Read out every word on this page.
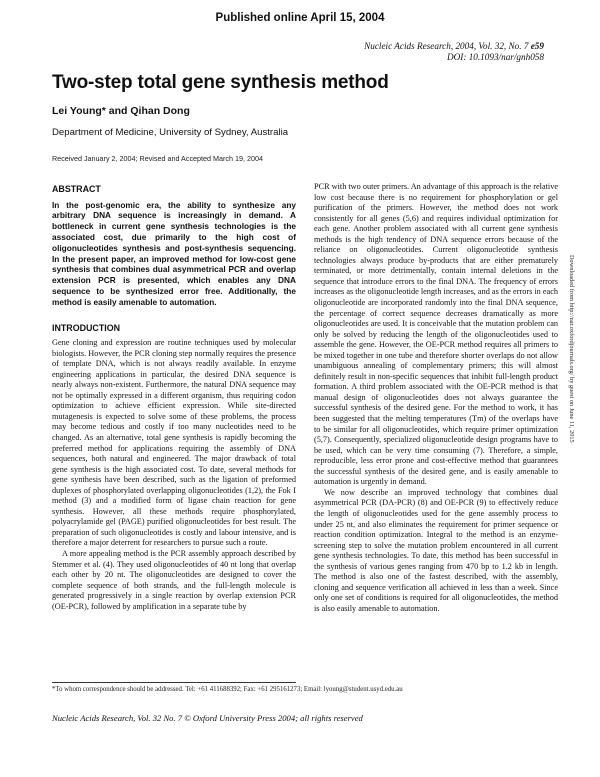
Published online April 15, 2004
Nucleic Acids Research, 2004, Vol. 32, No. 7 e59
DOI: 10.1093/nar/gnh058
Two-step total gene synthesis method
Lei Young* and Qihan Dong
Department of Medicine, University of Sydney, Australia
Received January 2, 2004; Revised and Accepted March 19, 2004
ABSTRACT

In the post-genomic era, the ability to synthesize any arbitrary DNA sequence is increasingly in demand. A bottleneck in current gene synthesis technologies is the associated cost, due primarily to the high cost of oligonucleotides synthesis and post-synthesis sequencing. In the present paper, an improved method for low-cost gene synthesis that combines dual asymmetrical PCR and overlap extension PCR is presented, which enables any DNA sequence to be synthesized error free. Additionally, the method is easily amenable to automation.

INTRODUCTION

Gene cloning and expression are routine techniques used by molecular biologists. However, the PCR cloning step normally requires the presence of template DNA, which is not always readily available. In enzyme engineering applications in particular, the desired DNA sequence is nearly always non-existent. Furthermore, the natural DNA sequence may not be optimally expressed in a different organism, thus requiring codon optimization to achieve efficient expression. While site-directed mutagenesis is expected to solve some of these problems, the process may become tedious and costly if too many nucleotides need to be changed. As an alternative, total gene synthesis is rapidly becoming the preferred method for applications requiring the assembly of DNA sequences, both natural and engineered. The major drawback of total gene synthesis is the high associated cost. To date, several methods for gene synthesis have been described, such as the ligation of preformed duplexes of phosphorylated overlapping oligonucleotides (1,2), the Fok I method (3) and a modified form of ligase chain reaction for gene synthesis. However, all these methods require phosphorylated, polyacrylamide gel (PAGE) purified oligonucleotides for best result. The preparation of such oligonucleotides is costly and labour intensive, and is therefore a major deterrent for researchers to pursue such a route.

A more appealing method is the PCR assembly approach described by Stemmer et al. (4). They used oligonucleotides of 40 nt long that overlap each other by 20 nt. The oligonucleotides are designed to cover the complete sequence of both strands, and the full-length molecule is generated progressively in a single reaction by overlap extension PCR (OE-PCR), followed by amplification in a separate tube by

PCR with two outer primers. An advantage of this approach is the relative low cost because there is no requirement for phosphorylation or gel purification of the primers. However, the method does not work consistently for all genes (5,6) and requires individual optimization for each gene. Another problem associated with all current gene synthesis methods is the high tendency of DNA sequence errors because of the reliance on oligonucleotides. Current oligonucleotide synthesis technologies always produce by-products that are either prematurely terminated, or more detrimentally, contain internal deletions in the sequence that introduce errors to the final DNA. The frequency of errors increases as the oligonucleotide length increases, and as the errors in each oligonucleotide are incorporated randomly into the final DNA sequence, the percentage of correct sequence decreases dramatically as more oligonucleotides are used. It is conceivable that the mutation problem can only be solved by reducing the length of the oligonucleotides used to assemble the gene. However, the OE-PCR method requires all primers to be mixed together in one tube and therefore shorter overlaps do not allow unambiguous annealing of complementary primers; this will almost definitely result in non-specific sequences that inhibit full-length product formation. A third problem associated with the OE-PCR method is that manual design of oligonucleotides does not always guarantee the successful synthesis of the desired gene. For the method to work, it has been suggested that the melting temperatures (Tm) of the overlaps have to be similar for all oligonucleotides, which require primer optimization (5,7). Consequently, specialized oligonucleotide design programs have to be used, which can be very time consuming (7). Therefore, a simple, reproducible, less error prone and cost-effective method that guarantees the successful synthesis of the desired gene, and is easily amenable to automation is urgently in demand.

We now describe an improved technology that combines dual asymmetrical PCR (DA-PCR) (8) and OE-PCR (9) to effectively reduce the length of oligonucleotides used for the gene assembly process to under 25 nt, and also eliminates the requirement for primer sequence or reaction condition optimization. Integral to the method is an enzyme-screening step to solve the mutation problem encountered in all current gene synthesis technologies. To date, this method has been successful in the synthesis of various genes ranging from 470 bp to 1.2 kb in length. The method is also one of the fastest described, with the assembly, cloning and sequence verification all achieved in less than a week. Since only one set of conditions is required for all oligonucleotides, the method is also easily amenable to automation.

Downloaded from http://nar.oxfordjournals.org/ by guest on June 11, 2015
*To whom correspondence should be addressed. Tel: +61 411688392; Fax: +61 295161273; Email: lyoung@student.usyd.edu.au
Nucleic Acids Research, Vol. 32 No. 7 © Oxford University Press 2004; all rights reserved
